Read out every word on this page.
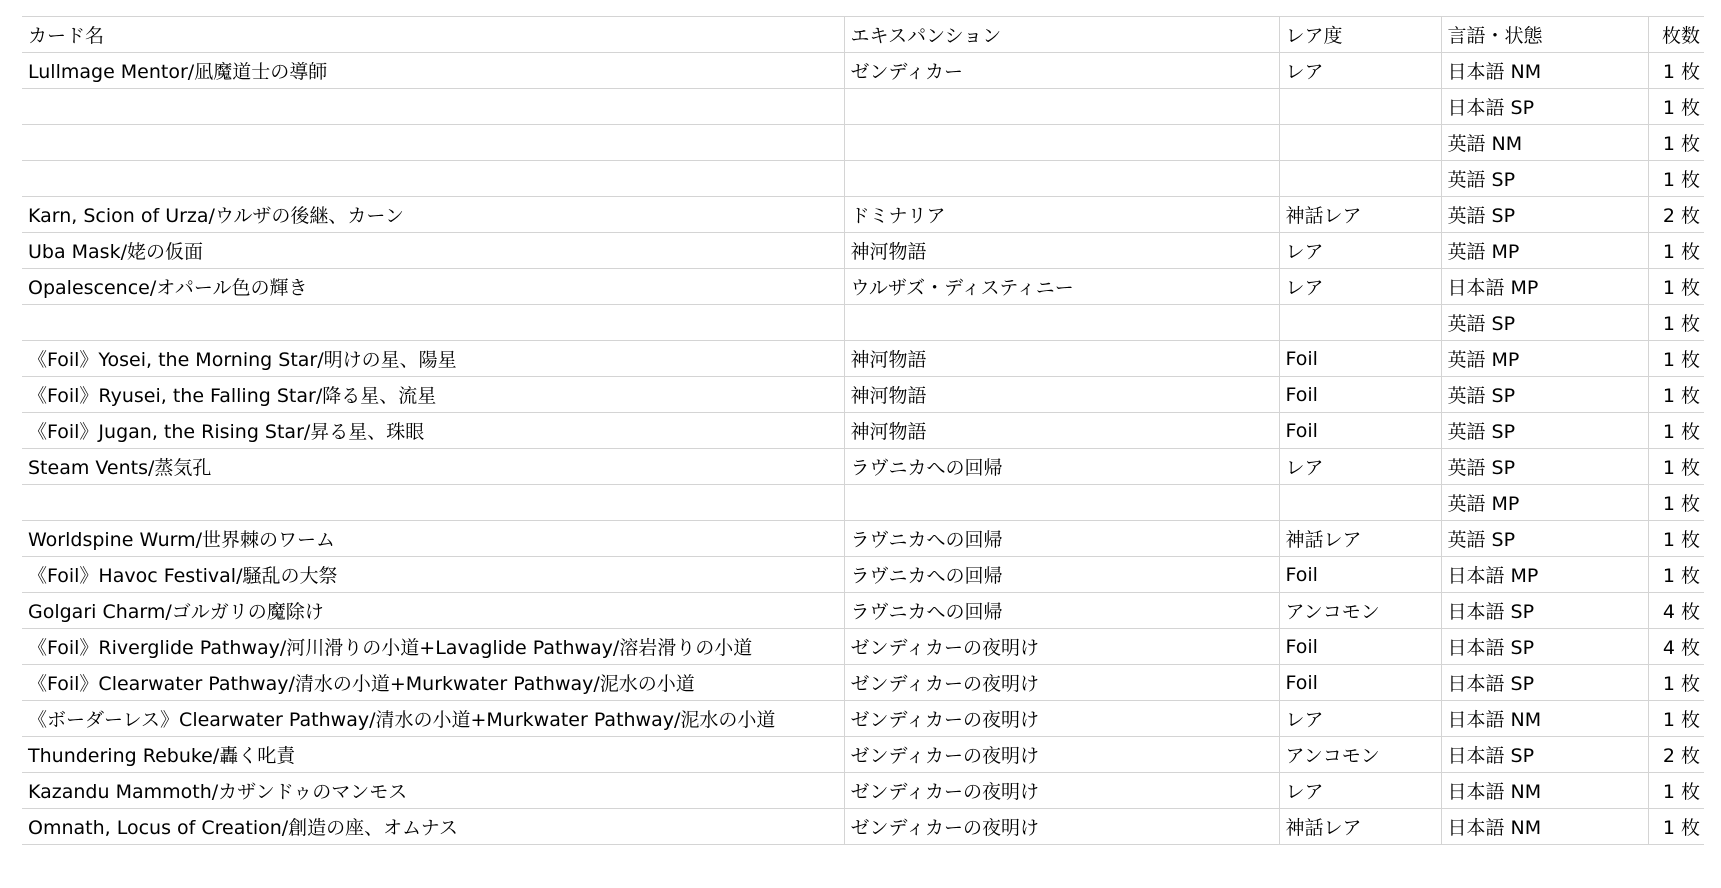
カード名	エキスパンション	レア度	言語・状態	枚数
Lullmage Mentor/凪魔道士の導師	ゼンディカー	レア	日本語 NM	1 枚
			日本語 SP	1 枚
			英語 NM	1 枚
			英語 SP	1 枚
Karn, Scion of Urza/ウルザの後継、カーン	ドミナリア	神話レア	英語 SP	2 枚
Uba Mask/姥の仮面	神河物語	レア	英語 MP	1 枚
Opalescence/オパール色の輝き	ウルザズ・ディスティニー	レア	日本語 MP	1 枚
			英語 SP	1 枚
《Foil》Yosei, the Morning Star/明けの星、陽星	神河物語	Foil	英語 MP	1 枚
《Foil》Ryusei, the Falling Star/降る星、流星	神河物語	Foil	英語 SP	1 枚
《Foil》Jugan, the Rising Star/昇る星、珠眼	神河物語	Foil	英語 SP	1 枚
Steam Vents/蒸気孔	ラヴニカへの回帰	レア	英語 SP	1 枚
			英語 MP	1 枚
Worldspine Wurm/世界棘のワーム	ラヴニカへの回帰	神話レア	英語 SP	1 枚
《Foil》Havoc Festival/騒乱の大祭	ラヴニカへの回帰	Foil	日本語 MP	1 枚
Golgari Charm/ゴルガリの魔除け	ラヴニカへの回帰	アンコモン	日本語 SP	4 枚
《Foil》Riverglide Pathway/河川滑りの小道+Lavaglide Pathway/溶岩滑りの小道	ゼンディカーの夜明け	Foil	日本語 SP	4 枚
《Foil》Clearwater Pathway/清水の小道+Murkwater Pathway/泥水の小道	ゼンディカーの夜明け	Foil	日本語 SP	1 枚
《ボーダーレス》Clearwater Pathway/清水の小道+Murkwater Pathway/泥水の小道	ゼンディカーの夜明け	レア	日本語 NM	1 枚
Thundering Rebuke/轟く叱責	ゼンディカーの夜明け	アンコモン	日本語 SP	2 枚
Kazandu Mammoth/カザンドゥのマンモス	ゼンディカーの夜明け	レア	日本語 NM	1 枚
Omnath, Locus of Creation/創造の座、オムナス	ゼンディカーの夜明け	神話レア	日本語 NM	1 枚
